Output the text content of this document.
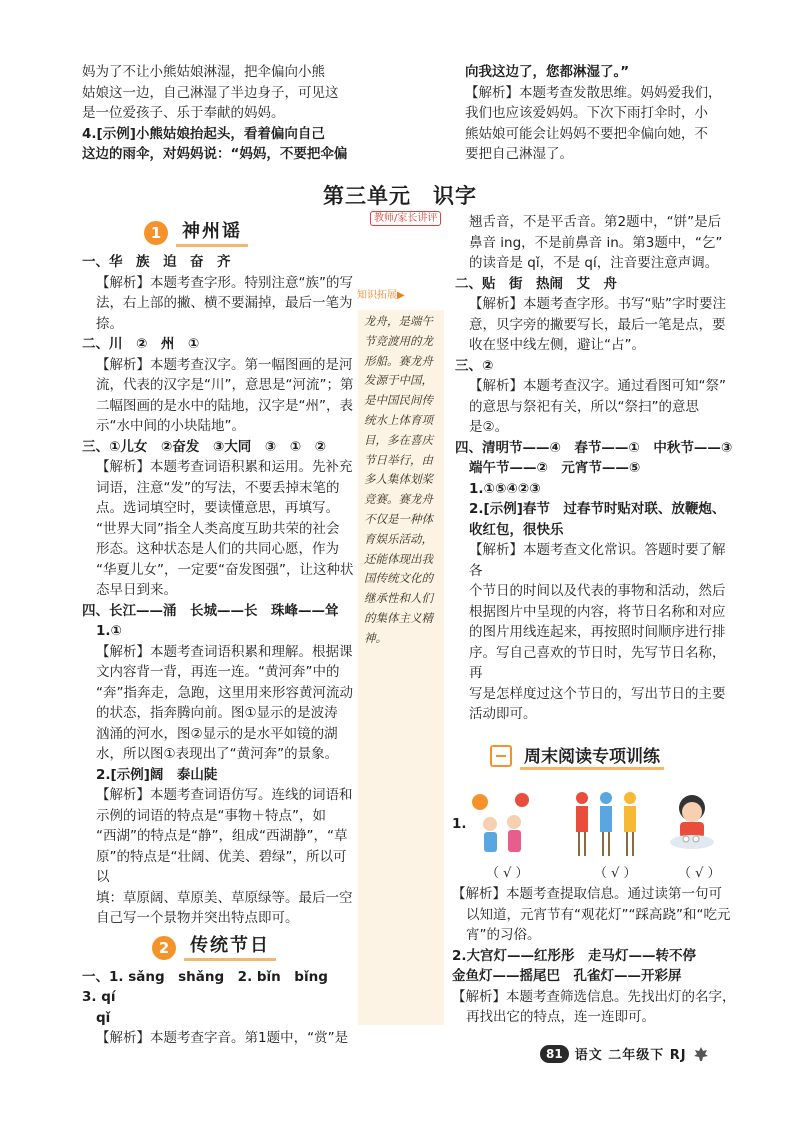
妈为了不让小熊姑娘淋湿，把伞偏向小熊

姑娘这一边，自己淋湿了半边身子，可见这

是一位爱孩子、乐于奉献的妈妈。

4.[示例]小熊姑娘抬起头，看着偏向自己

这边的雨伞，对妈妈说：“妈妈，不要把伞偏

向我这边了，您都淋湿了。”

【解析】本题考查发散思维。妈妈爱我们，

我们也应该爱妈妈。下次下雨打伞时，小

熊姑娘可能会让妈妈不要把伞偏向她，不

要把自己淋湿了。

第三单元　识字
教师/家长讲评
1	神州谣

一、华　族　迫　奋　齐

【解析】本题考查字形。特别注意“族”的写

法，右上部的撇、横不要漏掉，最后一笔为捺。

二、川　②　州　①

【解析】本题考查汉字。第一幅图画的是河

流，代表的汉字是“川”，意思是“河流”；第

二幅图画的是水中的陆地，汉字是“州”，表

示“水中间的小块陆地”。

三、①儿女　②奋发　③大同　③　①　②

【解析】本题考查词语积累和运用。先补充

词语，注意“发”的写法，不要丢掉末笔的

点。选词填空时，要读懂意思，再填写。

“世界大同”指全人类高度互助共荣的社会

形态。这种状态是人们的共同心愿，作为

“华夏儿女”，一定要“奋发图强”，让这种状

态早日到来。

四、长江——涌　长城——长　珠峰——耸

1.①

【解析】本题考查词语积累和理解。根据课

文内容背一背，再连一连。“黄河奔”中的

“奔”指奔走，急跑，这里用来形容黄河流动

的状态，指奔腾向前。图①显示的是波涛

汹涌的河水，图②显示的是水平如镜的湖

水，所以图①表现出了“黄河奔”的景象。

2.[示例]阔　泰山陡

【解析】本题考查词语仿写。连线的词语和

示例的词语的特点是“事物＋特点”，如

“西湖”的特点是“静”，组成“西湖静”，“草

原”的特点是“壮阔、优美、碧绿”，所以可以

填：草原阔、草原美、草原绿等。最后一空

自己写一个景物并突出特点即可。

2	传统节日

一、1. sǎng　shǎng　2. bǐn　bǐng　3. qí

qǐ

【解析】本题考查字音。第1题中，“赏”是

知识拓展▶
龙舟，是端午节竞渡用的龙形船。赛龙舟发源于中国，是中国民间传统水上体育项目，多在喜庆节日举行，由多人集体划桨竞赛。赛龙舟不仅是一种体育娱乐活动，还能体现出我国传统文化的继承性和人们的集体主义精神。

翘舌音，不是平舌音。第2题中，“饼”是后

鼻音 ing，不是前鼻音 in。第3题中，“乞”

的读音是 qǐ，不是 qí，注音要注意声调。

二、贴　街　热闹　艾　舟

【解析】本题考查字形。书写“贴”字时要注

意，贝字旁的撇要写长，最后一笔是点，要

收在竖中线左侧，避让“占”。

三、②

【解析】本题考查汉字。通过看图可知“祭”

的意思与祭祀有关，所以“祭扫”的意思

是②。

四、清明节——④　春节——①　中秋节——③

端午节——②　元宵节——⑤

1.①⑤④②③

2.[示例]春节　过春节时贴对联、放鞭炮、

收红包，很快乐

【解析】本题考查文化常识。答题时要了解各

个节日的时间以及代表的事物和活动，然后

根据图片中呈现的内容，将节日名称和对应

的图片用线连起来，再按照时间顺序进行排

序。写自己喜欢的节日时，先写节日名称，再

写是怎样度过这个节日的，写出节日的主要

活动即可。

周末阅读专项训练
1.
（ √ ）	（ √ ）	（ √ ）

【解析】本题考查提取信息。通过读第一句可

以知道，元宵节有“观花灯”“踩高跷”和“吃元

宵”的习俗。

2.大宫灯——红彤彤　走马灯——转不停

金鱼灯——摇尾巴　孔雀灯——开彩屏

【解析】本题考查筛选信息。先找出灯的名字，

再找出它的特点，连一连即可。

81 语文 二年级下 RJ
